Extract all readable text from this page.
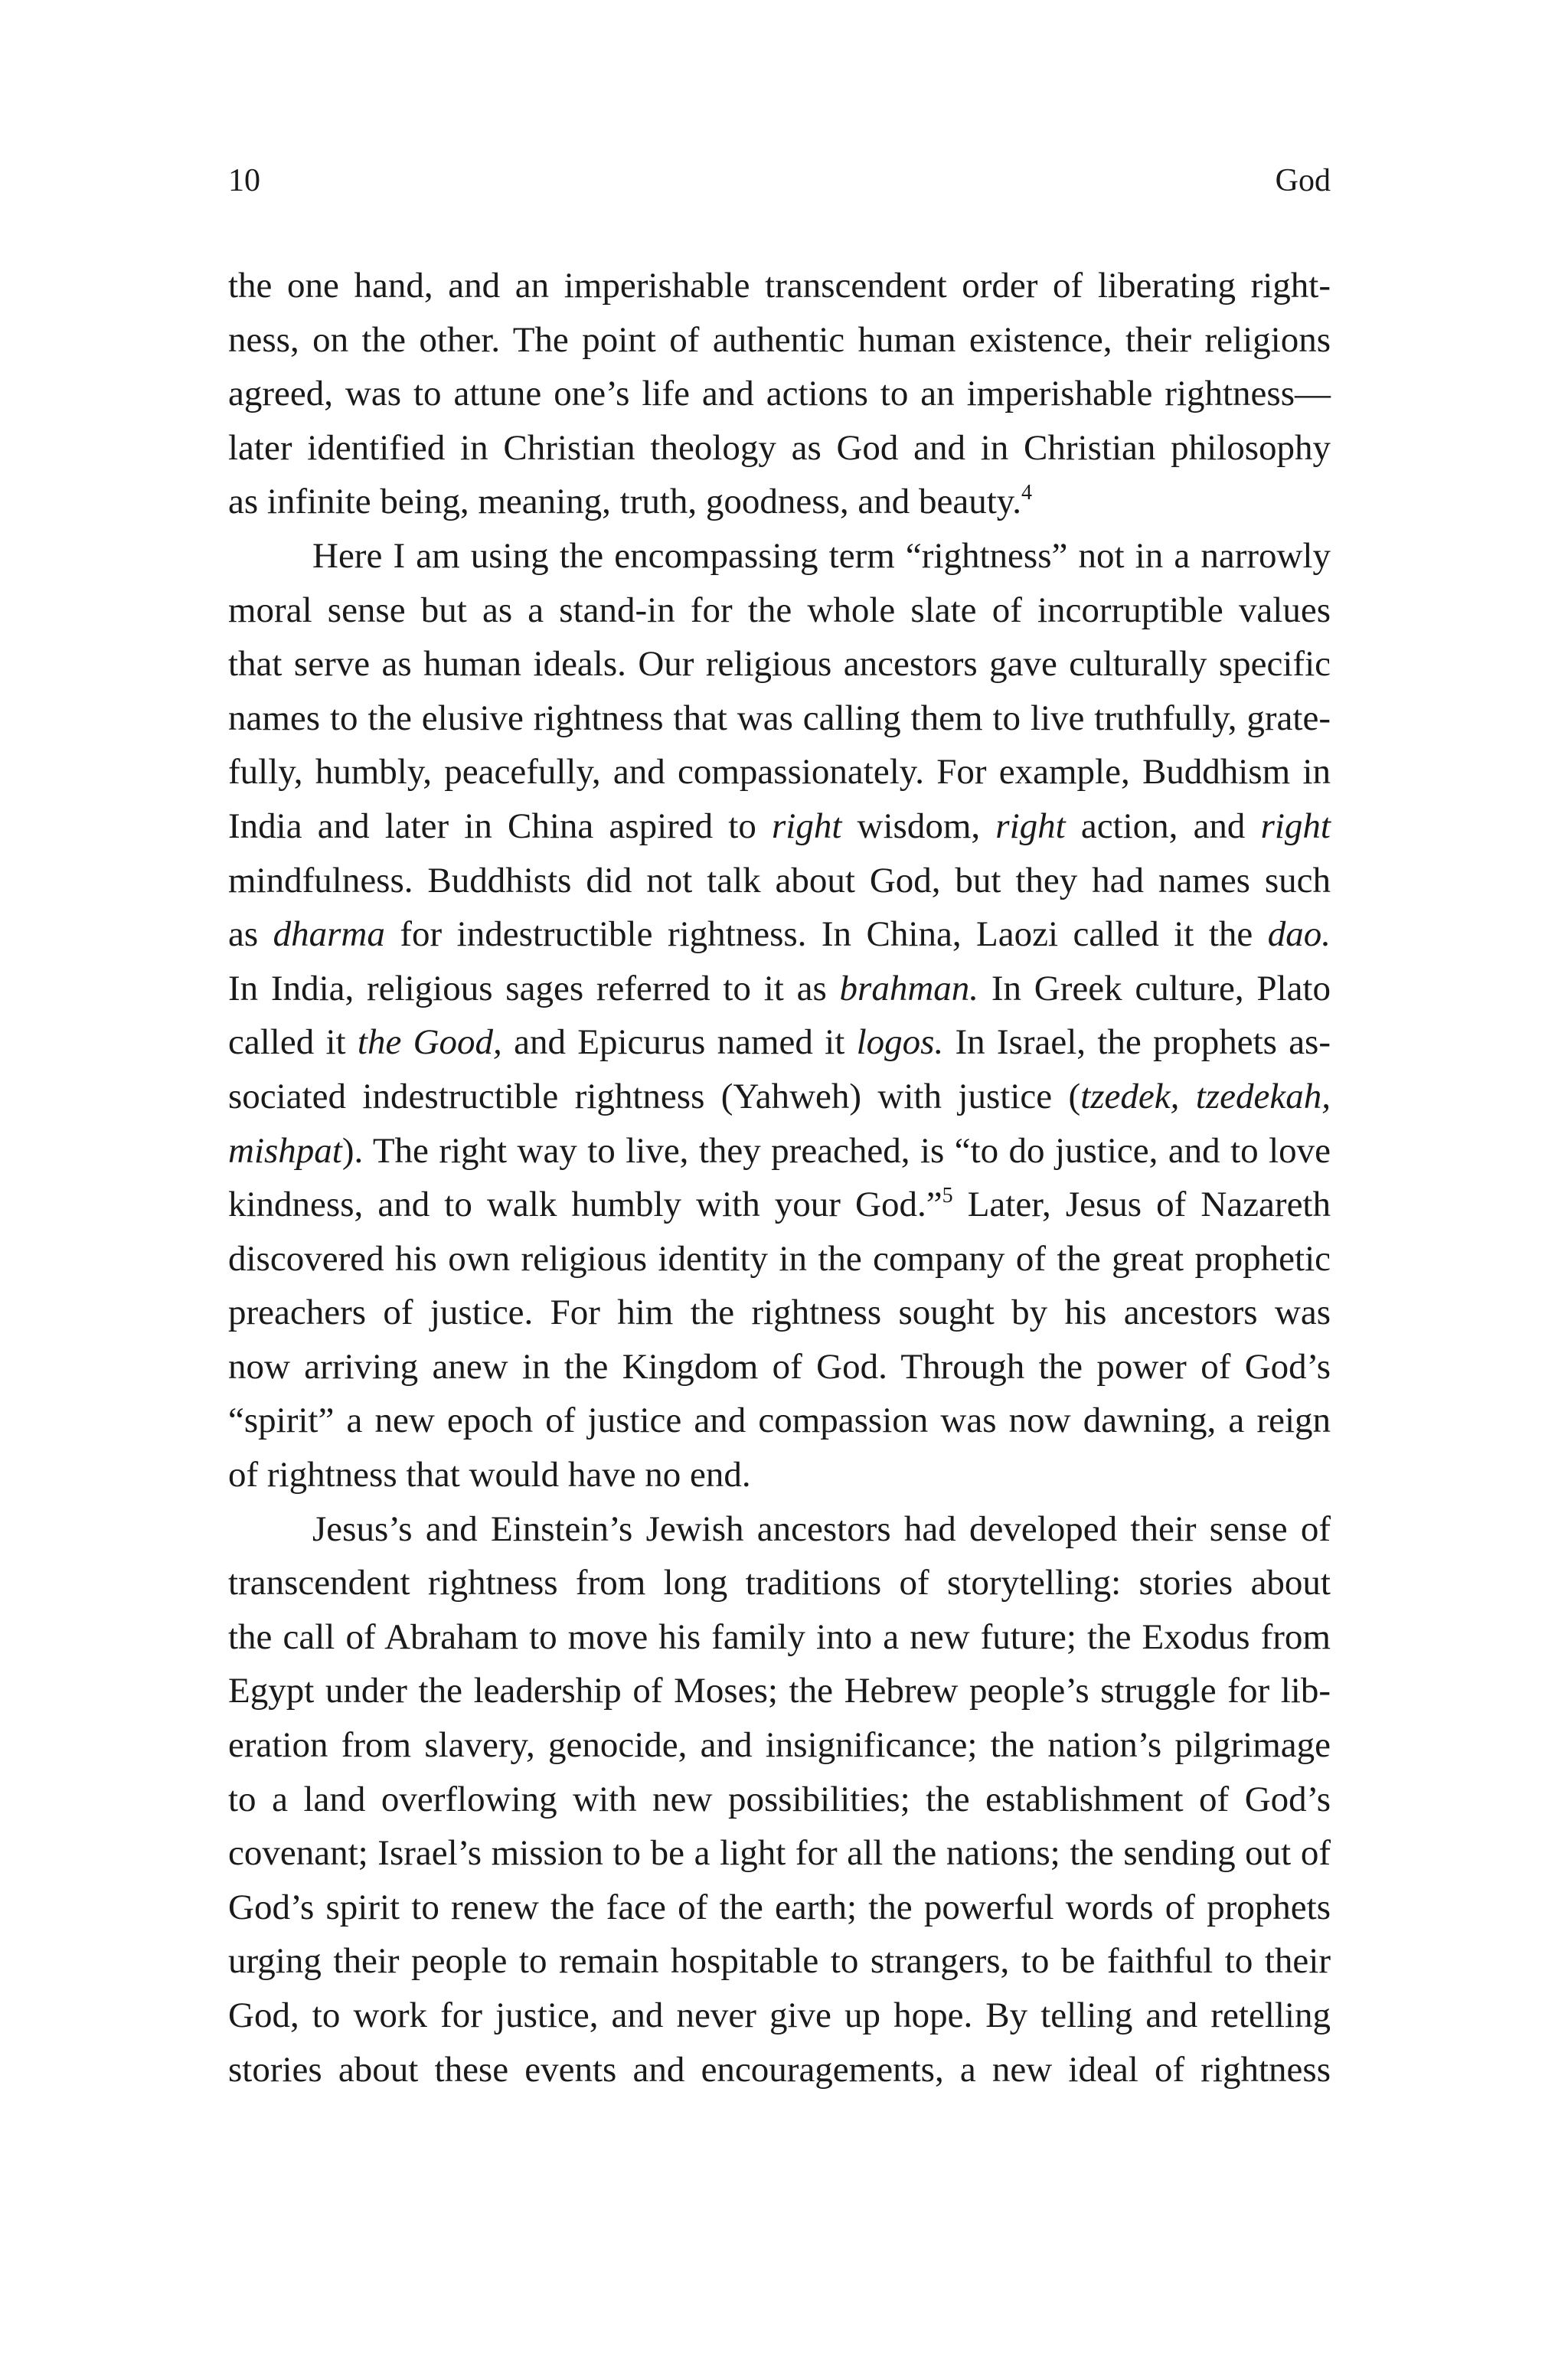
10	God

the one hand, and an imperishable transcendent order of liberating right-
ness, on the other. The point of authentic human existence, their religions
agreed, was to attune one’s life and actions to an imperishable rightness—
later identified in Christian theology as God and in Christian philosophy
as infinite being, meaning, truth, goodness, and beauty.$^4$

Here I am using the encompassing term “rightness” not in a narrowly
moral sense but as a stand-in for the whole slate of incorruptible values
that serve as human ideals. Our religious ancestors gave culturally specific
names to the elusive rightness that was calling them to live truthfully, grate-
fully, humbly, peacefully, and compassionately. For example, Buddhism in
India and later in China aspired to right wisdom, right action, and right
mindfulness. Buddhists did not talk about God, but they had names such
as dharma for indestructible rightness. In China, Laozi called it the dao.
In India, religious sages referred to it as brahman. In Greek culture, Plato
called it the Good, and Epicurus named it logos. In Israel, the prophets as-
sociated indestructible rightness (Yahweh) with justice (tzedek, tzedekah,
mishpat). The right way to live, they preached, is “to do justice, and to love
kindness, and to walk humbly with your God.”$^5$ Later, Jesus of Nazareth
discovered his own religious identity in the company of the great prophetic
preachers of justice. For him the rightness sought by his ancestors was
now arriving anew in the Kingdom of God. Through the power of God’s
“spirit” a new epoch of justice and compassion was now dawning, a reign
of rightness that would have no end.

Jesus’s and Einstein’s Jewish ancestors had developed their sense of
transcendent rightness from long traditions of storytelling: stories about
the call of Abraham to move his family into a new future; the Exodus from
Egypt under the leadership of Moses; the Hebrew people’s struggle for lib-
eration from slavery, genocide, and insignificance; the nation’s pilgrimage
to a land overflowing with new possibilities; the establishment of God’s
covenant; Israel’s mission to be a light for all the nations; the sending out of
God’s spirit to renew the face of the earth; the powerful words of prophets
urging their people to remain hospitable to strangers, to be faithful to their
God, to work for justice, and never give up hope. By telling and retelling
stories about these events and encouragements, a new ideal of rightness
